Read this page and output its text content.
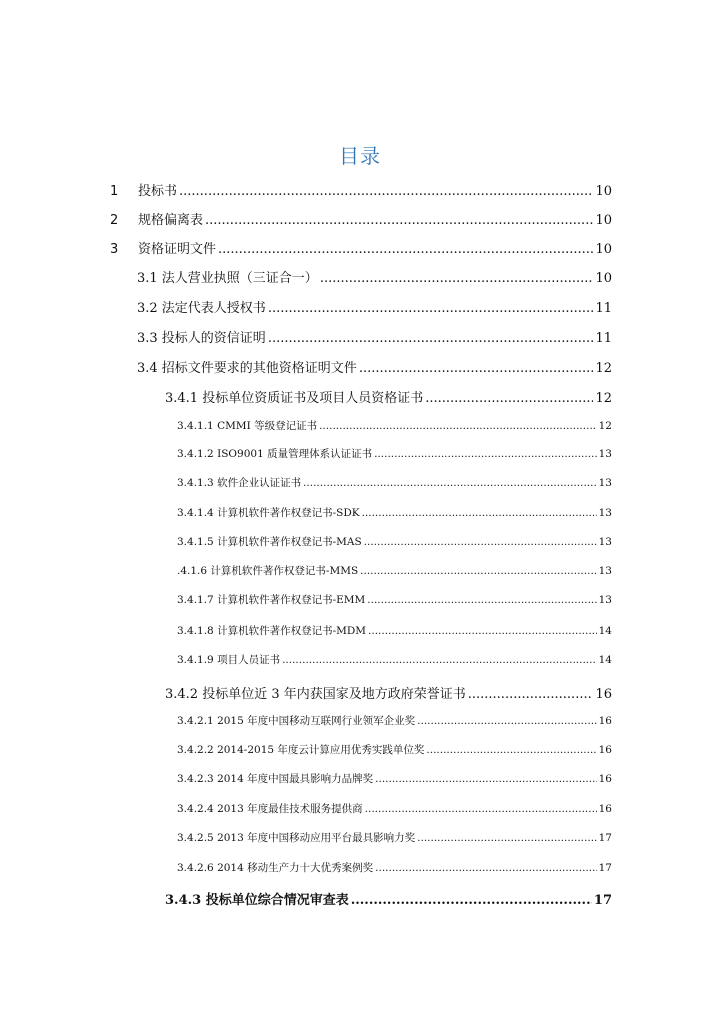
目录
1	投标书 .....	10
2	规格偏离表 .....	10
3	资格证明文件 .....	10
3.1 法人营业执照（三证合一） .....	10
3.2 法定代表人授权书 .....	11
3.3 投标人的资信证明 .....	11
3.4 招标文件要求的其他资格证明文件 .....	12
3.4.1 投标单位资质证书及项目人员资格证书 .....	12
3.4.1.1 CMMI 等级登记证书 .....	12
3.4.1.2 ISO9001 质量管理体系认证证书 .....	13
3.4.1.3 软件企业认证证书 .....	13
3.4.1.4 计算机软件著作权登记书-SDK .....	13
3.4.1.5 计算机软件著作权登记书-MAS .....	13
.4.1.6 计算机软件著作权登记书-MMS .....	13
3.4.1.7 计算机软件著作权登记书-EMM .....	13
3.4.1.8 计算机软件著作权登记书-MDM .....	14
3.4.1.9 项目人员证书 .....	14
3.4.2 投标单位近 3 年内获国家及地方政府荣誉证书 .....	16
3.4.2.1 2015 年度中国移动互联网行业领军企业奖 .....	16
3.4.2.2 2014-2015 年度云计算应用优秀实践单位奖 .....	16
3.4.2.3 2014 年度中国最具影响力品牌奖 .....	16
3.4.2.4 2013 年度最佳技术服务提供商 .....	16
3.4.2.5 2013 年度中国移动应用平台最具影响力奖 .....	17
3.4.2.6 2014 移动生产力十大优秀案例奖 .....	17
3.4.3 投标单位综合情况审查表 .....	17
